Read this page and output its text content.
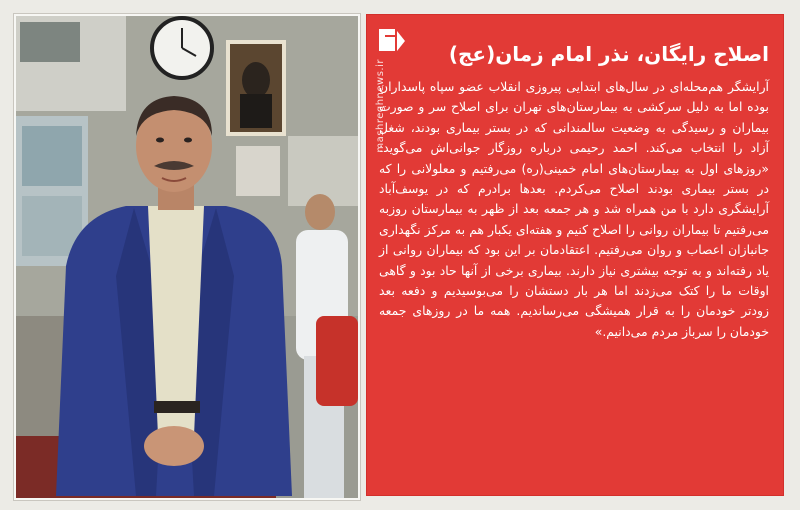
mashreghnews.ir
اصلاح رایگان، نذر امام زمان(عج)

آرایشگر هم‌محله‌ای در سال‌های ابتدایی پیروزی انقلاب عضو سپاه پاسداران بوده اما به دلیل سرکشی به بیمارستان‌های تهران برای اصلاح سر و صورت بیماران و رسیدگی به وضعیت سالمندانی که در بستر بیماری بودند، شغل آزاد را انتخاب می‌کند. احمد رحیمی درباره روزگار جوانی‌اش می‌گوید: «روزهای اول به بیمارستان‌های امام خمینی(ره) می‌رفتیم و معلولانی را که در بستر بیماری بودند اصلاح می‌کردم. بعدها برادرم که در یوسف‌آباد آرایشگری دارد با من همراه شد و هر جمعه بعد از ظهر به بیمارستان روزبه می‌رفتیم تا بیماران روانی را اصلاح کنیم و هفته‌ای یکبار هم به مرکز نگهداری جانبازان اعصاب و روان می‌رفتیم. اعتقادمان بر این بود که بیماران روانی از یاد رفته‌اند و به توجه بیشتری نیاز دارند. بیماری برخی از آنها حاد بود و گاهی اوقات ما را کتک می‌زدند اما هر بار دستشان را می‌بوسیدیم و دفعه بعد زودتر خودمان را به قرار همیشگی می‌رساندیم. همه ما در روزهای جمعه خودمان را سرباز مردم می‌دانیم.»
